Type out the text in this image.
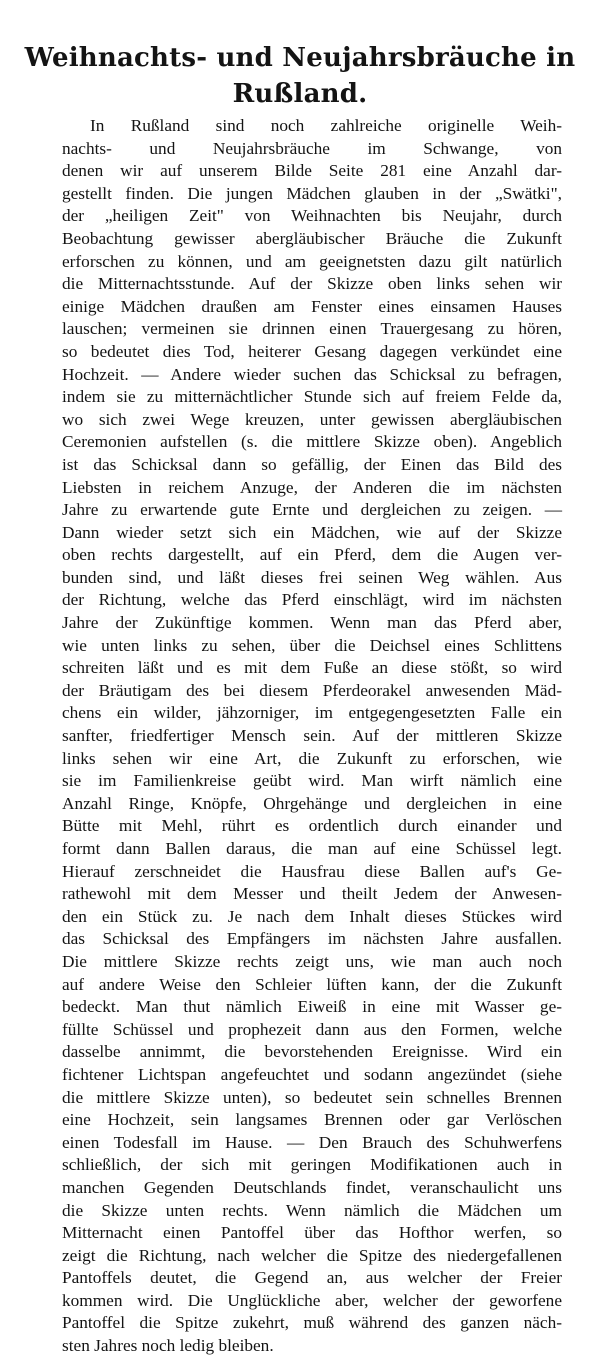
Weihnachts- und Neujahrsbräuche in Rußland.
In Rußland sind noch zahlreiche originelle Weih-
nachts- und Neujahrsbräuche im Schwange, von
denen wir auf unserem Bilde Seite 281 eine Anzahl dar-
gestellt finden. Die jungen Mädchen glauben in der „Swätki",
der „heiligen Zeit" von Weihnachten bis Neujahr, durch
Beobachtung gewisser abergläubischer Bräuche die Zukunft
erforschen zu können, und am geeignetsten dazu gilt natürlich
die Mitternachtsstunde. Auf der Skizze oben links sehen wir
einige Mädchen draußen am Fenster eines einsamen Hauses
lauschen; vermeinen sie drinnen einen Trauergesang zu hören,
so bedeutet dies Tod, heiterer Gesang dagegen verkündet eine
Hochzeit. — Andere wieder suchen das Schicksal zu befragen,
indem sie zu mitternächtlicher Stunde sich auf freiem Felde da,
wo sich zwei Wege kreuzen, unter gewissen abergläubischen
Ceremonien aufstellen (s. die mittlere Skizze oben). Angeblich
ist das Schicksal dann so gefällig, der Einen das Bild des
Liebsten in reichem Anzuge, der Anderen die im nächsten
Jahre zu erwartende gute Ernte und dergleichen zu zeigen. —
Dann wieder setzt sich ein Mädchen, wie auf der Skizze
oben rechts dargestellt, auf ein Pferd, dem die Augen ver-
bunden sind, und läßt dieses frei seinen Weg wählen. Aus
der Richtung, welche das Pferd einschlägt, wird im nächsten
Jahre der Zukünftige kommen. Wenn man das Pferd aber,
wie unten links zu sehen, über die Deichsel eines Schlittens
schreiten läßt und es mit dem Fuße an diese stößt, so wird
der Bräutigam des bei diesem Pferdeorakel anwesenden Mäd-
chens ein wilder, jähzorniger, im entgegengesetzten Falle ein
sanfter, friedfertiger Mensch sein. Auf der mittleren Skizze
links sehen wir eine Art, die Zukunft zu erforschen, wie
sie im Familienkreise geübt wird. Man wirft nämlich eine
Anzahl Ringe, Knöpfe, Ohrgehänge und dergleichen in eine
Bütte mit Mehl, rührt es ordentlich durch einander und
formt dann Ballen daraus, die man auf eine Schüssel legt.
Hierauf zerschneidet die Hausfrau diese Ballen auf's Ge-
rathewohl mit dem Messer und theilt Jedem der Anwesen-
den ein Stück zu. Je nach dem Inhalt dieses Stückes wird
das Schicksal des Empfängers im nächsten Jahre ausfallen.
Die mittlere Skizze rechts zeigt uns, wie man auch noch
auf andere Weise den Schleier lüften kann, der die Zukunft
bedeckt. Man thut nämlich Eiweiß in eine mit Wasser ge-
füllte Schüssel und prophezeit dann aus den Formen, welche
dasselbe annimmt, die bevorstehenden Ereignisse. Wird ein
fichtener Lichtspan angefeuchtet und sodann angezündet (siehe
die mittlere Skizze unten), so bedeutet sein schnelles Brennen
eine Hochzeit, sein langsames Brennen oder gar Verlöschen
einen Todesfall im Hause. — Den Brauch des Schuhwerfens
schließlich, der sich mit geringen Modifikationen auch in
manchen Gegenden Deutschlands findet, veranschaulicht uns
die Skizze unten rechts. Wenn nämlich die Mädchen um
Mitternacht einen Pantoffel über das Hofthor werfen, so
zeigt die Richtung, nach welcher die Spitze des niedergefallenen
Pantoffels deutet, die Gegend an, aus welcher der Freier
kommen wird. Die Unglückliche aber, welcher der geworfene
Pantoffel die Spitze zukehrt, muß während des ganzen näch-
sten Jahres noch ledig bleiben.
